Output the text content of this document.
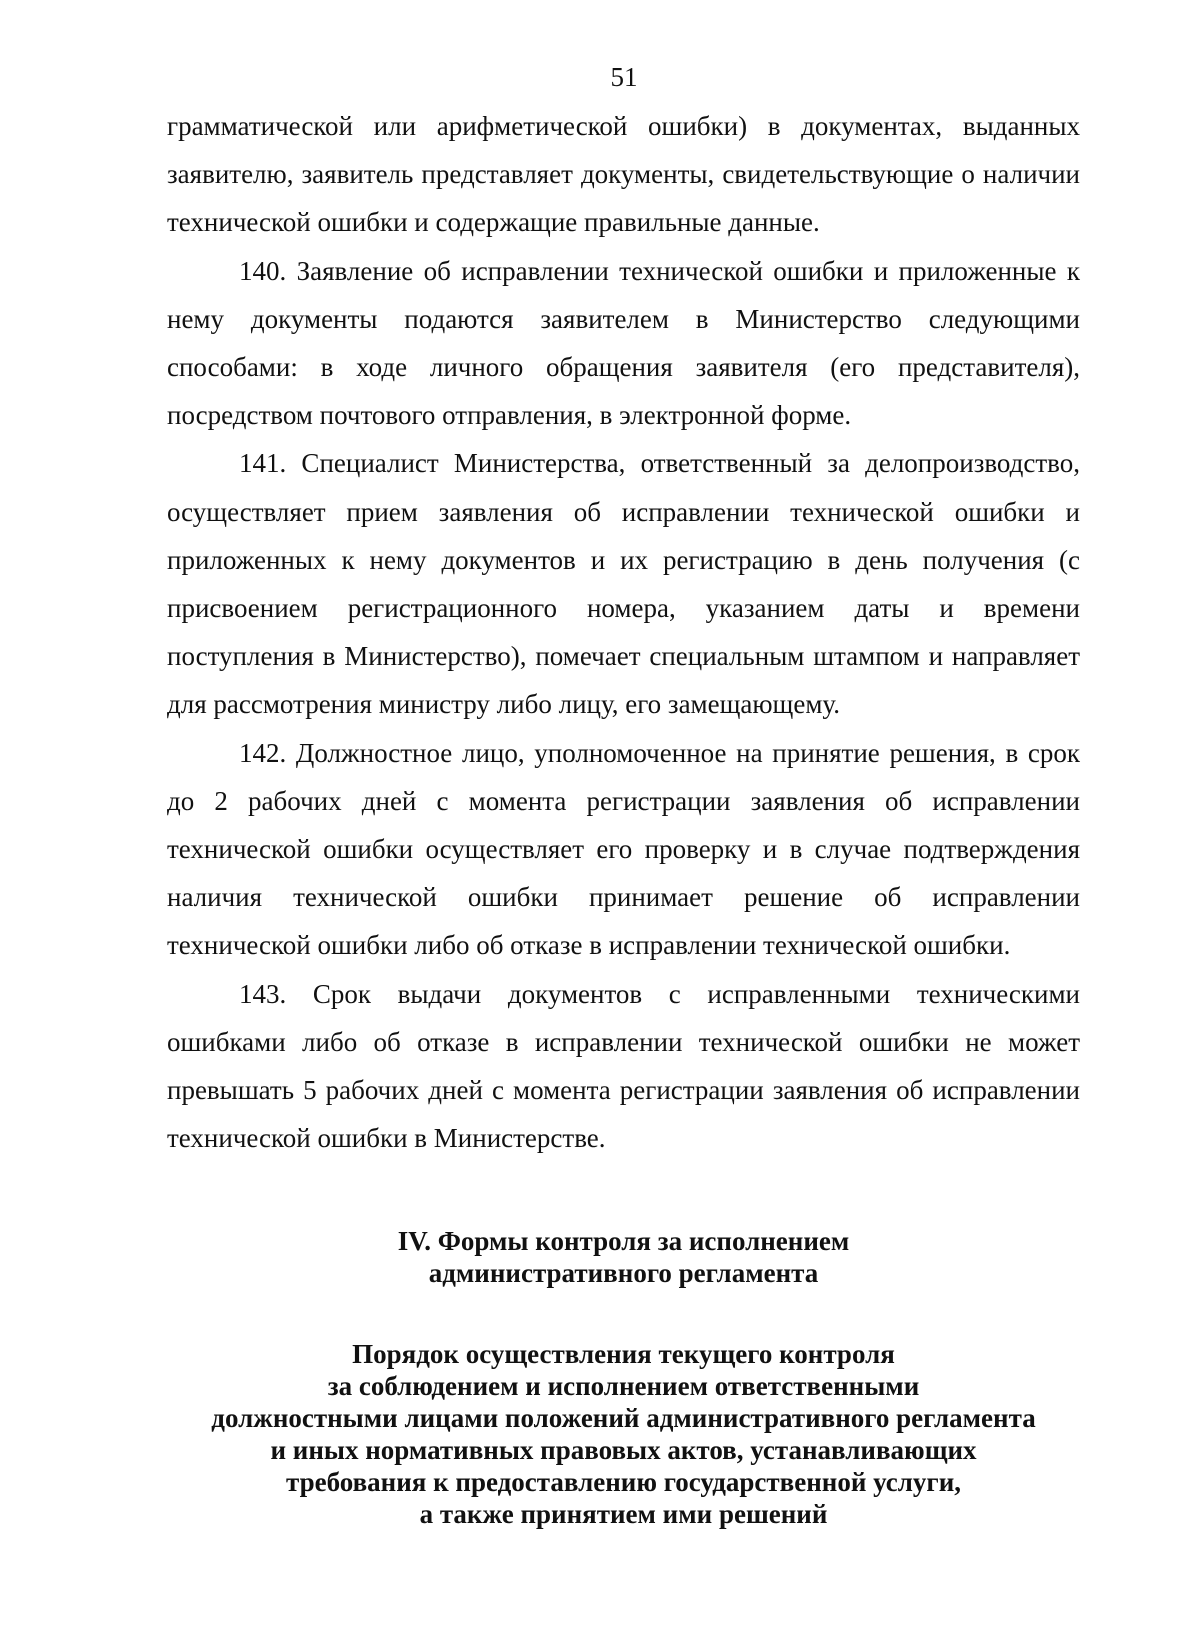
51

грамматической или арифметической ошибки) в документах, выданных заявителю, заявитель представляет документы, свидетельствующие о наличии технической ошибки и содержащие правильные данные.

140. Заявление об исправлении технической ошибки и приложенные к нему документы подаются заявителем в Министерство следующими способами: в ходе личного обращения заявителя (его представителя), посредством почтового отправления, в электронной форме.

141. Специалист Министерства, ответственный за делопроизводство, осуществляет прием заявления об исправлении технической ошибки и приложенных к нему документов и их регистрацию в день получения (с присвоением регистрационного номера, указанием даты и времени поступления в Министерство), помечает специальным штампом и направляет для рассмотрения министру либо лицу, его замещающему.

142. Должностное лицо, уполномоченное на принятие решения, в срок до 2 рабочих дней с момента регистрации заявления об исправлении технической ошибки осуществляет его проверку и в случае подтверждения наличия технической ошибки принимает решение об исправлении технической ошибки либо об отказе в исправлении технической ошибки.

143. Срок выдачи документов с исправленными техническими ошибками либо об отказе в исправлении технической ошибки не может превышать 5 рабочих дней с момента регистрации заявления об исправлении технической ошибки в Министерстве.

IV. Формы контроля за исполнением
административного регламента
Порядок осуществления текущего контроля
за соблюдением и исполнением ответственными
должностными лицами положений административного регламента
и иных нормативных правовых актов, устанавливающих
требования к предоставлению государственной услуги,
а также принятием ими решений
